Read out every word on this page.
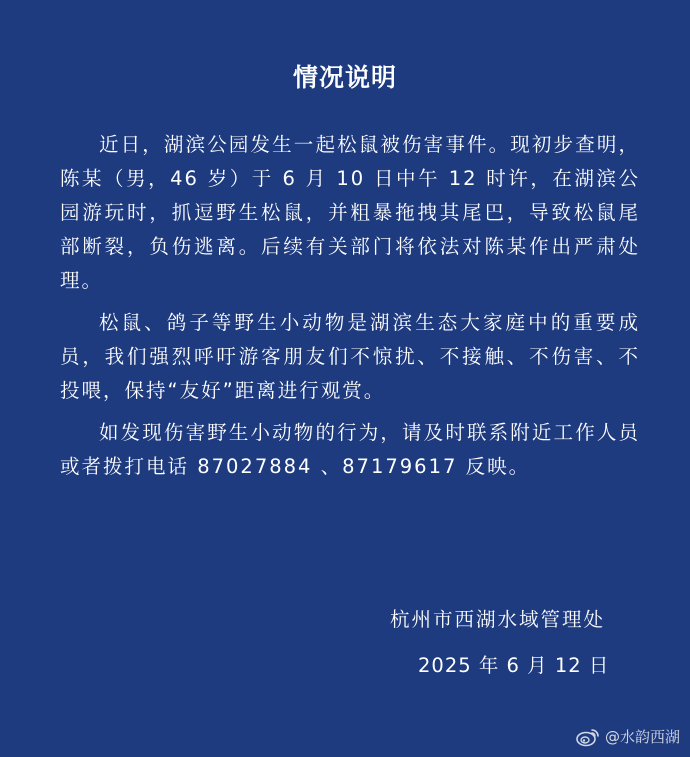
情况说明

近日，湖滨公园发生一起松鼠被伤害事件。现初步查明，陈某（男，46 岁）于 6 月 10 日中午 12 时许，在湖滨公园游玩时，抓逗野生松鼠，并粗暴拖拽其尾巴，导致松鼠尾部断裂，负伤逃离。后续有关部门将依法对陈某作出严肃处理。

松鼠、鸽子等野生小动物是湖滨生态大家庭中的重要成员，我们强烈呼吁游客朋友们不惊扰、不接触、不伤害、不投喂，保持“友好”距离进行观赏。

如发现伤害野生小动物的行为，请及时联系附近工作人员或者拨打电话 87027884 、87179617 反映。

杭州市西湖水域管理处
2025 年 6 月 12 日
@水韵西湖
